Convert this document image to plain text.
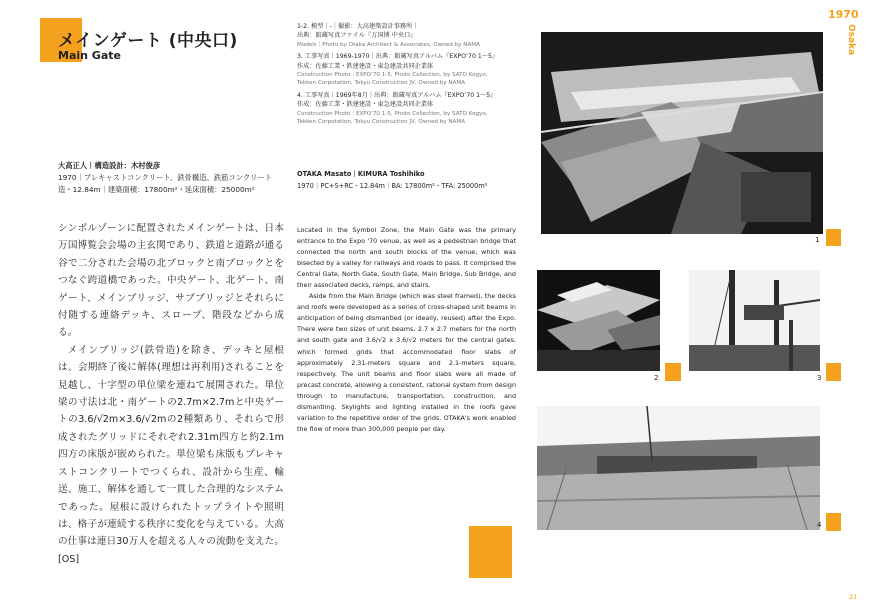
メインゲート (中央口)
Main Gate
1970
Osaka

1-2. 模型｜-｜撮影：大高建築設計事務所｜
出典：館蔵写真ファイル『万国博 中央口』
Models｜Photo by Otaka Architect & Associates, Owned by NAMA

3. 工事写真｜1969-1970｜出典：館蔵写真アルバム『EXPO’70 1〜5』
作成：佐藤工業・鉄建建設・東急建設共同企業体
Construction Photo｜EXPO’70 1-5, Photo Collection, by SATO Kogyo,
Tekken Corpotation, Tokyu Construction JV, Owned by NAMA

4. 工事写真｜1969年8月｜出典：館蔵写真アルバム『EXPO’70 1〜5』
作成：佐藤工業・鉄建建設・東急建設共同企業体
Construction Photo｜EXPO’70 1-5, Photo Collection, by SATO Kogyo,
Tekken Corpotation, Tokyu Construction JV, Owned by NAMA

大高正人｜構造設計：木村俊彦
1970｜プレキャストコンクリート、鉄骨構造、鉄筋コンクリート
造・12.84m｜建築面積：17800m²・延床面積：25000m²
OTAKA Masato｜KIMURA Toshihiko
1970｜PC+S+RC・12.84m｜BA: 17800m²・TFA: 25000m²
シンボルゾーンに配置されたメインゲートは、日本万国博覧会会場の主玄関であり、鉄道と道路が通る谷で二分された会場の北ブロックと南ブロックとをつなぐ跨道橋であった。中央ゲート、北ゲート、南ゲート、メインブリッジ、サブブリッジとそれらに付随する連絡デッキ、スロープ、階段などから成る。
メインブリッジ(鉄骨造)を除き、デッキと屋根は、会期終了後に解体(理想は再利用)されることを見越し、十字型の単位梁を連ねて展開された。単位梁の寸法は北・南ゲートの2.7m×2.7mと中央ゲートの3.6/√2m×3.6/√2mの2種類あり、それらで形成されたグリッドにそれぞれ2.31m四方と約2.1m四方の床版が嵌められた。単位梁も床版もプレキャストコンクリートでつくられ、設計から生産、輸送、施工、解体を通して一貫した合理的なシステムであった。屋根に設けられたトップライトや照明は、格子が連続する秩序に変化を与えている。大高の仕事は連日30万人を超える人々の流動を支えた。[OS]

Located in the Symbol Zone, the Main Gate was the primary entrance to the Expo '70 venue, as well as a pedestrian bridge that connected the north and south blocks of the venue, which was bisected by a valley for railways and roads to pass. It comprised the Central Gate, North Gate, South Gate, Main Bridge, Sub Bridge, and their associated decks, ramps, and stairs.

Aside from the Main Bridge (which was steel framed), the decks and roofs were developed as a series of cross-shaped unit beams in anticipation of being dismantled (or ideally, reused) after the Expo. There were two sizes of unit beams, 2.7 x 2.7 meters for the north and south gate and 3.6/√2 x 3.6/√2 meters for the central gates, which formed grids that accommodated floor slabs of approximately 2.31-meters square and 2.1-meters square, respectively. The unit beams and floor slabs were all made of precast concrete, allowing a consistent, rational system from design through to manufacture, transportation, construction, and dismantling. Skylights and lighting installed in the roofs gave variation to the repetitive order of the grids. OTAKA's work enabled the flow of more than 300,000 people per day.

1
2	3
4
21
